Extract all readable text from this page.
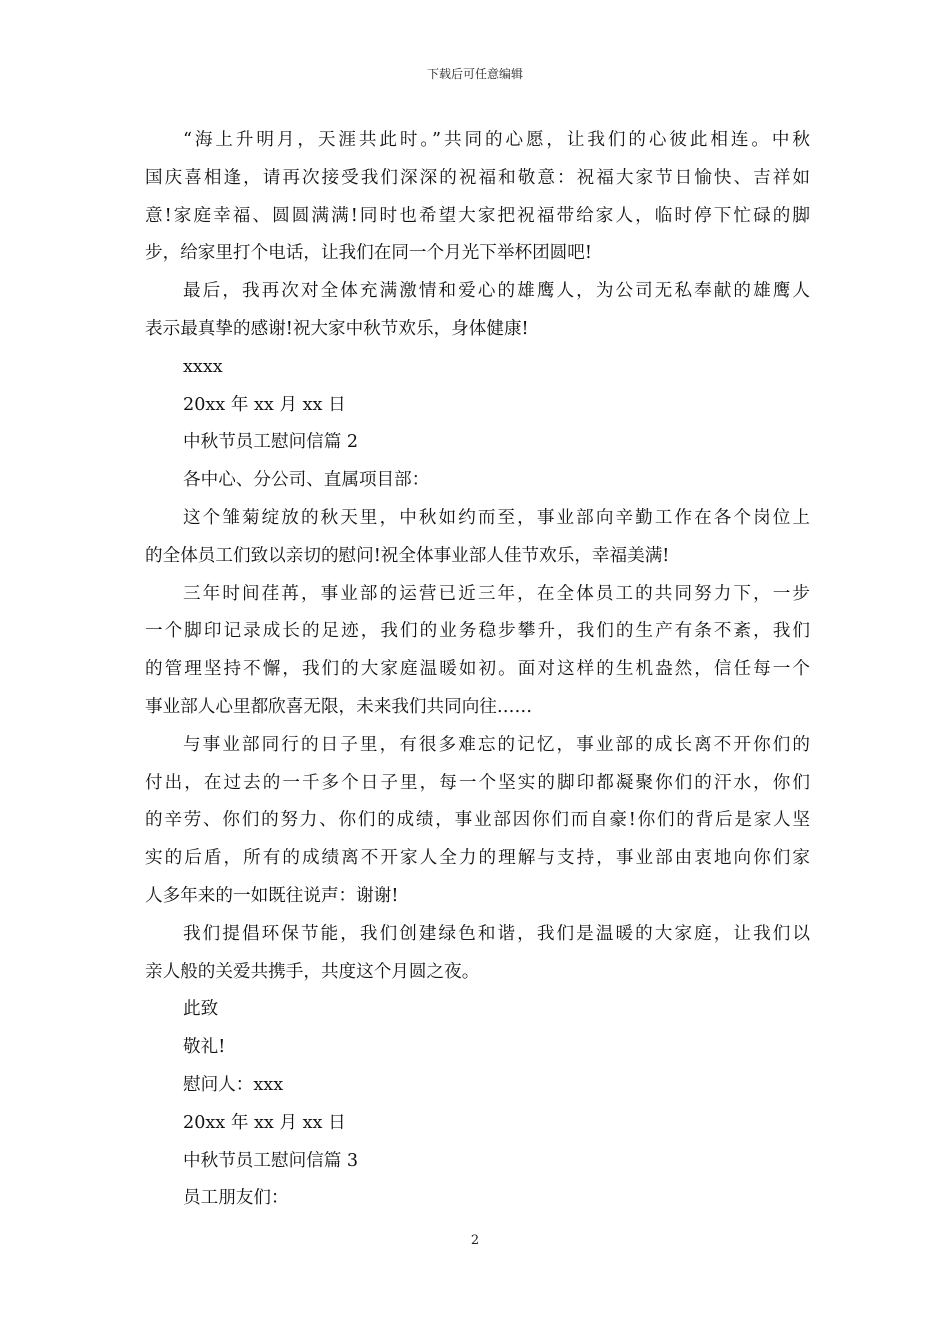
下载后可任意编辑
“海上升明月，天涯共此时。”共同的心愿，让我们的心彼此相连。中秋
国庆喜相逢，请再次接受我们深深的祝福和敬意：祝福大家节日愉快、吉祥如
意!家庭幸福、圆圆满满!同时也希望大家把祝福带给家人，临时停下忙碌的脚
步，给家里打个电话，让我们在同一个月光下举杯团圆吧!
最后，我再次对全体充满激情和爱心的雄鹰人，为公司无私奉献的雄鹰人
表示最真挚的感谢!祝大家中秋节欢乐，身体健康!
xxxx
20xx 年 xx 月 xx 日
中秋节员工慰问信篇 2
各中心、分公司、直属项目部：
这个雏菊绽放的秋天里，中秋如约而至，事业部向辛勤工作在各个岗位上
的全体员工们致以亲切的慰问!祝全体事业部人佳节欢乐，幸福美满!
三年时间荏苒，事业部的运营已近三年，在全体员工的共同努力下，一步
一个脚印记录成长的足迹，我们的业务稳步攀升，我们的生产有条不紊，我们
的管理坚持不懈，我们的大家庭温暖如初。面对这样的生机盎然，信任每一个
事业部人心里都欣喜无限，未来我们共同向往……
与事业部同行的日子里，有很多难忘的记忆，事业部的成长离不开你们的
付出，在过去的一千多个日子里，每一个坚实的脚印都凝聚你们的汗水，你们
的辛劳、你们的努力、你们的成绩，事业部因你们而自豪!你们的背后是家人坚
实的后盾，所有的成绩离不开家人全力的理解与支持，事业部由衷地向你们家
人多年来的一如既往说声：谢谢!
我们提倡环保节能，我们创建绿色和谐，我们是温暖的大家庭，让我们以
亲人般的关爱共携手，共度这个月圆之夜。
此致
敬礼!
慰问人：xxx
20xx 年 xx 月 xx 日
中秋节员工慰问信篇 3
员工朋友们：
2
